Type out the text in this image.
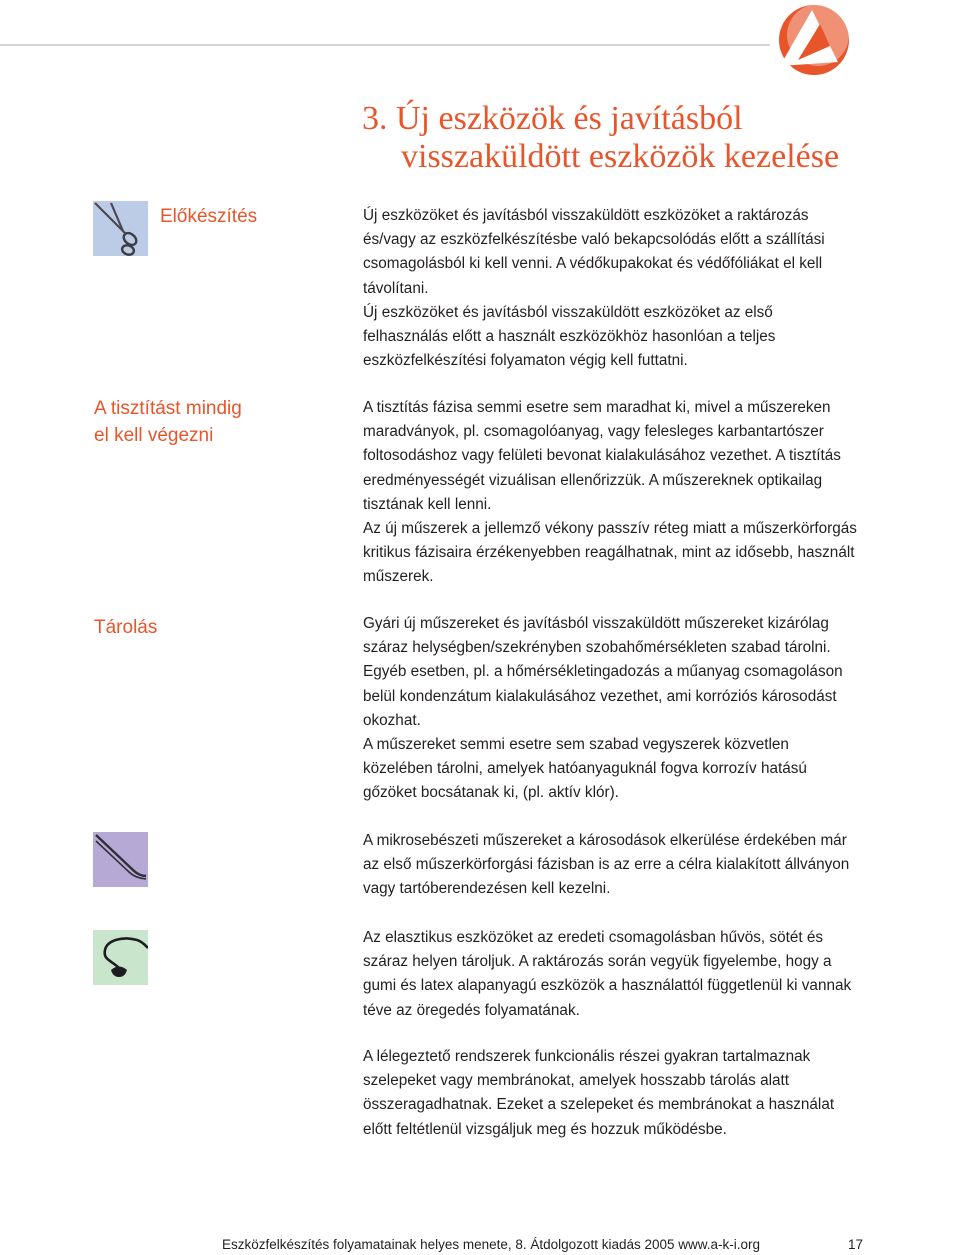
3. Új eszközök és javításból
visszaküldött eszközök kezelése
Előkészítés	Új eszközöket és javításból visszaküldött eszközöket a raktározás és/vagy az eszközfelkészítésbe való bekapcsolódás előtt a szállítási csomagolásból ki kell venni. A védőkupakokat és védőfóliákat el kell távolítani.

Új eszközöket és javításból visszaküldött eszközöket az első felhasználás előtt a használt eszközökhöz hasonlóan a teljes eszközfelkészítési folyamaton végig kell futtatni.

A tisztítást mindig
el kell végezni

A tisztítás fázisa semmi esetre sem maradhat ki, mivel a műszereken maradványok, pl. csomagolóanyag, vagy felesleges karbantartószer foltosodáshoz vagy felületi bevonat kialakulásához vezethet. A tisztítás eredményességét vizuálisan ellenőrizzük. A műszereknek optikailag tisztának kell lenni.

Az új műszerek a jellemző vékony passzív réteg miatt a műszerkörforgás kritikus fázisaira érzékenyebben reagálhatnak, mint az idősebb, használt műszerek.

Tárolás	Gyári új műszereket és javításból visszaküldött műszereket kizárólag száraz helységben/szekrényben szobahőmérsékleten szabad tárolni. Egyéb esetben, pl. a hőmérsékletingadozás a műanyag csomagoláson belül kondenzátum kialakulásához vezethet, ami korróziós károsodást okozhat.

A műszereket semmi esetre sem szabad vegyszerek közvetlen közelében tárolni, amelyek hatóanyaguknál fogva korrozív hatású gőzöket bocsátanak ki, (pl. aktív klór).

A mikrosebészeti műszereket a károsodások elkerülése érdekében már az első műszerkörforgási fázisban is az erre a célra kialakított állványon vagy tartóberendezésen kell kezelni.

Az elasztikus eszközöket az eredeti csomagolásban hűvös, sötét és száraz helyen tároljuk. A raktározás során vegyük figyelembe, hogy a gumi és latex alapanyagú eszközök a használattól függetlenül ki vannak téve az öregedés folyamatának.

A lélegeztető rendszerek funkcionális részei gyakran tartalmaznak szelepeket vagy membránokat, amelyek hosszabb tárolás alatt összeragadhatnak. Ezeket a szelepeket és membránokat a használat előtt feltétlenül vizsgáljuk meg és hozzuk működésbe.

Eszközfelkészítés folyamatainak helyes menete, 8. Átdolgozott kiadás 2005 www.a-k-i.org	17
